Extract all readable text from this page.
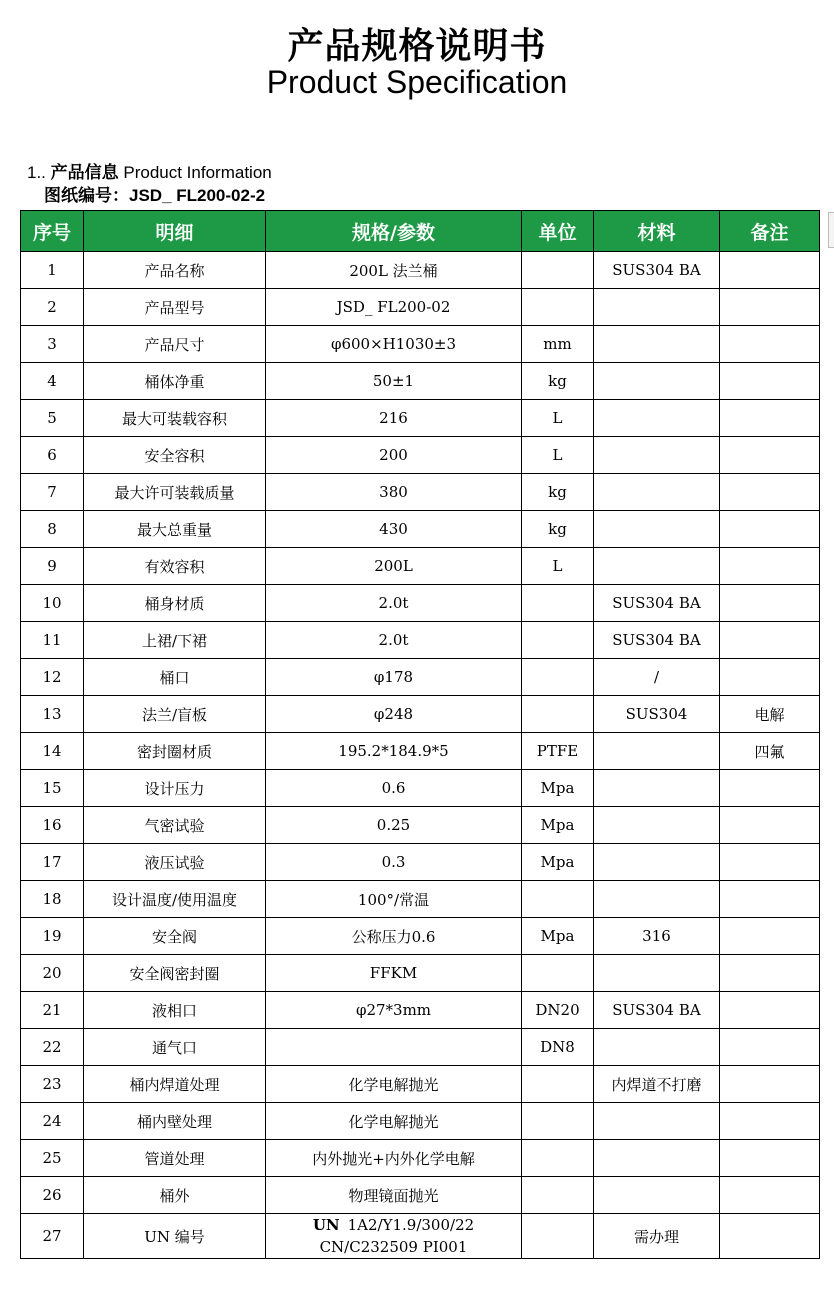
产品规格说明书
Product Specification
1.. 产品信息 Product Information
图纸编号：JSD_ FL200-02-2
序号	明细	规格/参数	单位	材料	备注
1	产品名称	200L 法兰桶		SUS304 BA	
2	产品型号	JSD_ FL200-02			
3	产品尺寸	φ600×H1030±3	mm		
4	桶体净重	50±1	kg		
5	最大可装载容积	216	L		
6	安全容积	200	L		
7	最大许可装载质量	380	kg		
8	最大总重量	430	kg		
9	有效容积	200L	L		
10	桶身材质	2.0t		SUS304 BA	
11	上裙/下裙	2.0t		SUS304 BA	
12	桶口	φ178		/	
13	法兰/盲板	φ248		SUS304	电解
14	密封圈材质	195.2*184.9*5	PTFE		四氟
15	设计压力	0.6	Mpa		
16	气密试验	0.25	Mpa		
17	液压试验	0.3	Mpa		
18	设计温度/使用温度	100°/常温			
19	安全阀	公称压力0.6	Mpa	316	
20	安全阀密封圈	FFKM			
21	液相口	φ27*3mm	DN20	SUS304 BA	
22	通气口		DN8		
23	桶内焊道处理	化学电解抛光		内焊道不打磨	
24	桶内壁处理	化学电解抛光			
25	管道处理	内外抛光+内外化学电解			
26	桶外	物理镜面抛光			
27	UN 编号	UN 1A2/Y1.9/300/22
CN/C232509 PI001		需办理	
